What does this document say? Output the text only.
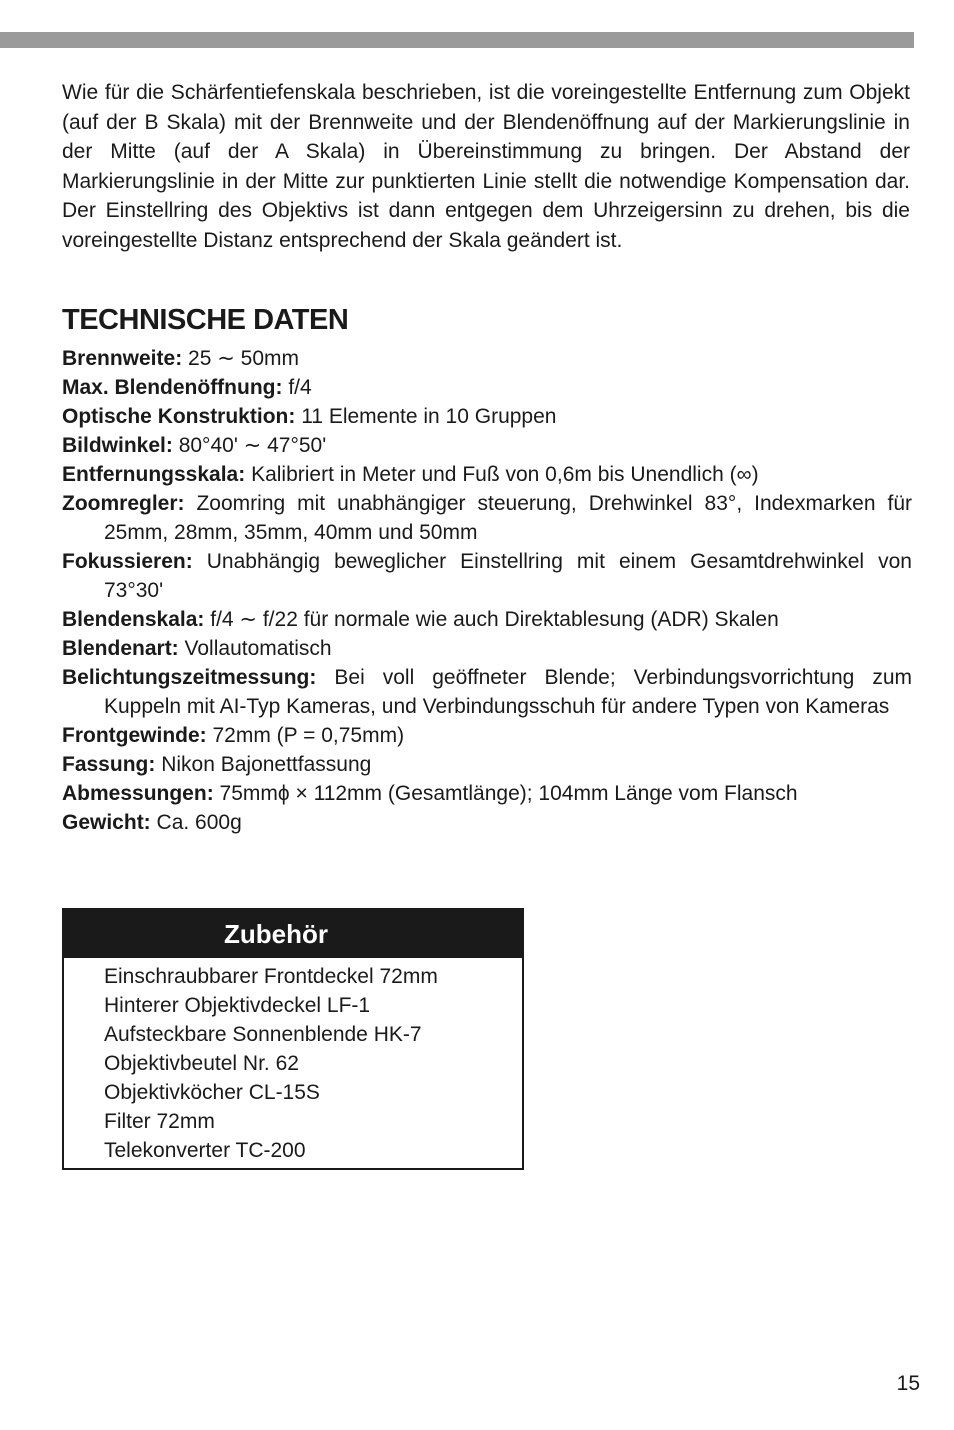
Wie für die Schärfentiefenskala beschrieben, ist die voreingestellte Entfernung zum Objekt (auf der B Skala) mit der Brennweite und der Blendenöffnung auf der Markierungslinie in der Mitte (auf der A Skala) in Übereinstimmung zu bringen. Der Abstand der Markierungslinie in der Mitte zur punktierten Linie stellt die notwendige Kompensation dar. Der Einstellring des Objektivs ist dann entgegen dem Uhrzeigersinn zu drehen, bis die voreingestellte Distanz entsprechend der Skala geändert ist.

TECHNISCHE DATEN
Brennweite: 25 ∼ 50mm
Max. Blendenöffnung: f/4
Optische Konstruktion: 11 Elemente in 10 Gruppen
Bildwinkel: 80°40' ∼ 47°50'
Entfernungsskala: Kalibriert in Meter und Fuß von 0,6m bis Unendlich (∞)
Zoomregler: Zoomring mit unabhängiger steuerung, Drehwinkel 83°, Indexmarken für 25mm, 28mm, 35mm, 40mm und 50mm
Fokussieren: Unabhängig beweglicher Einstellring mit einem Gesamtdrehwinkel von 73°30'
Blendenskala: f/4 ∼ f/22 für normale wie auch Direktablesung (ADR) Skalen
Blendenart: Vollautomatisch
Belichtungszeitmessung: Bei voll geöffneter Blende; Verbindungsvorrichtung zum Kuppeln mit AI-Typ Kameras, und Verbindungsschuh für andere Typen von Kameras
Frontgewinde: 72mm (P = 0,75mm)
Fassung: Nikon Bajonettfassung
Abmessungen: 75mmϕ × 112mm (Gesamtlänge); 104mm Länge vom Flansch
Gewicht: Ca. 600g
Zubehör
Einschraubbarer Frontdeckel 72mm
Hinterer Objektivdeckel LF-1
Aufsteckbare Sonnenblende HK-7
Objektivbeutel Nr. 62
Objektivköcher CL-15S
Filter 72mm
Telekonverter TC-200
15
